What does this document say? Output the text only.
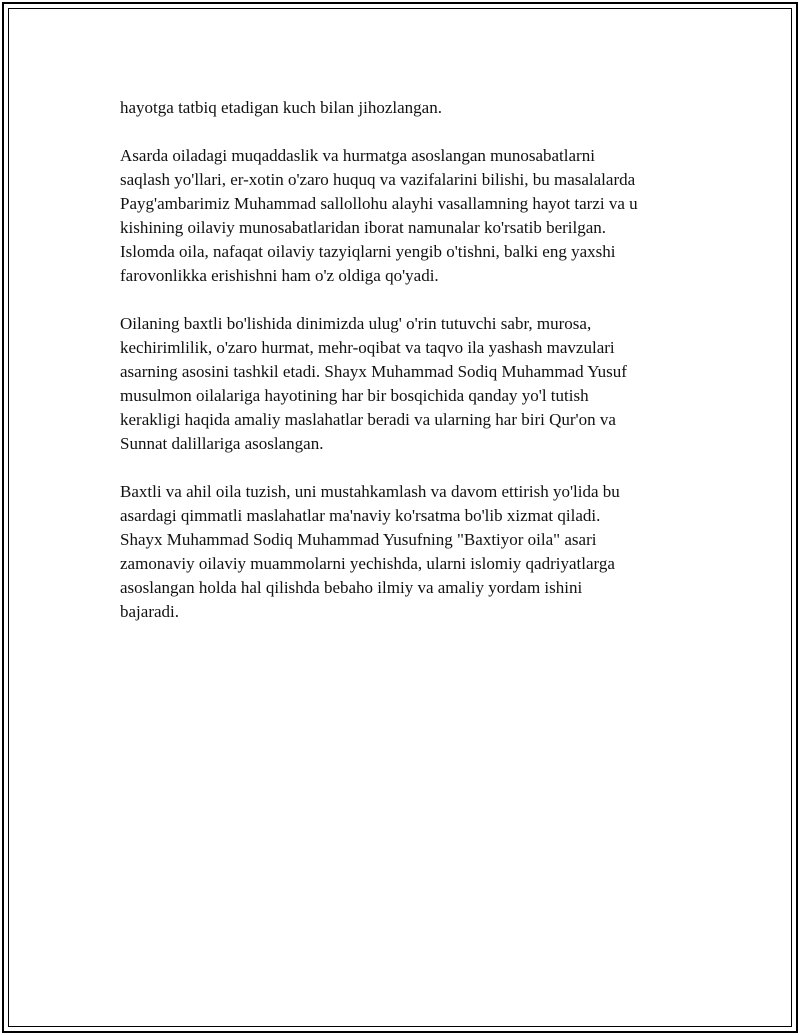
hayotga tatbiq etadigan kuch bilan jihozlangan.

Asarda oiladagi muqaddaslik va hurmatga asoslangan munosabatlarni
saqlash yo'llari, er-xotin o'zaro huquq va vazifalarini bilishi, bu masalalarda
Payg'ambarimiz Muhammad sallollohu alayhi vasallamning hayot tarzi va u
kishining oilaviy munosabatlaridan iborat namunalar ko'rsatib berilgan.
Islomda oila, nafaqat oilaviy tazyiqlarni yengib o'tishni, balki eng yaxshi
farovonlikka erishishni ham o'z oldiga qo'yadi.

Oilaning baxtli bo'lishida dinimizda ulug' o'rin tutuvchi sabr, murosa,
kechirimlilik, o'zaro hurmat, mehr-oqibat va taqvo ila yashash mavzulari
asarning asosini tashkil etadi. Shayx Muhammad Sodiq Muhammad Yusuf
musulmon oilalariga hayotining har bir bosqichida qanday yo'l tutish
kerakligi haqida amaliy maslahatlar beradi va ularning har biri Qur'on va
Sunnat dalillariga asoslangan.

Baxtli va ahil oila tuzish, uni mustahkamlash va davom ettirish yo'lida bu
asardagi qimmatli maslahatlar ma'naviy ko'rsatma bo'lib xizmat qiladi.
Shayx Muhammad Sodiq Muhammad Yusufning "Baxtiyor oila" asari
zamonaviy oilaviy muammolarni yechishda, ularni islomiy qadriyatlarga
asoslangan holda hal qilishda bebaho ilmiy va amaliy yordam ishini
bajaradi.
